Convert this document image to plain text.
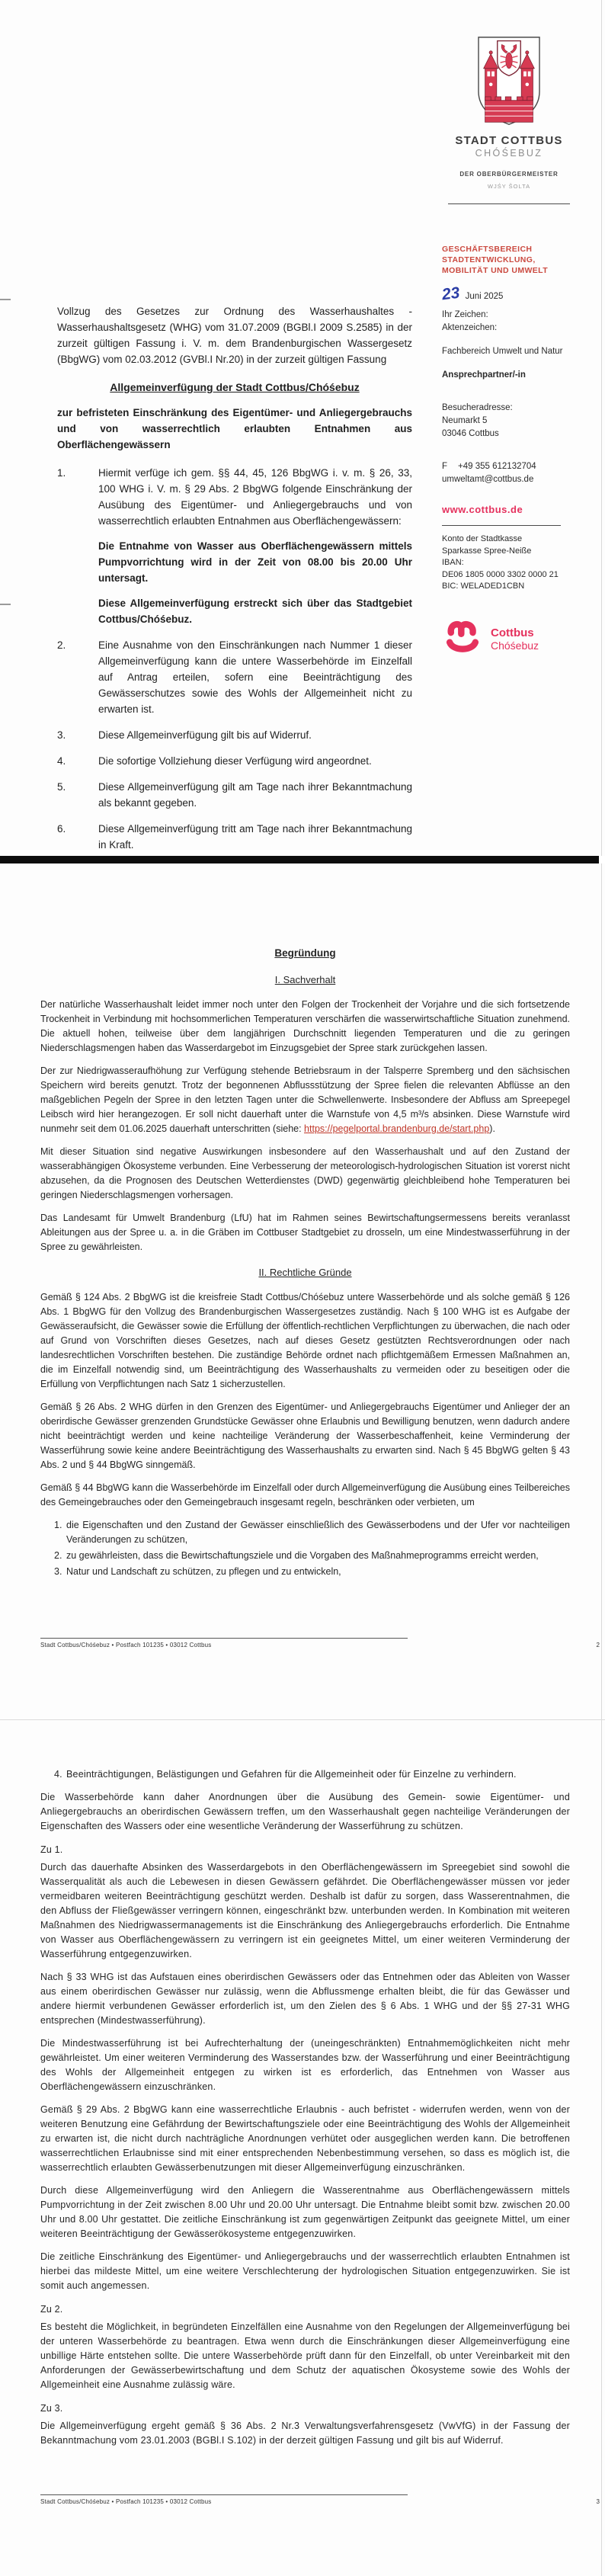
STADT COTTBUS
CHÓŚEBUZ
DER OBERBÜRGERMEISTER
WJŚY ŠOLTA
GESCHÄFTSBEREICH STADTENTWICKLUNG, MOBILITÄT UND UMWELT
23 Juni 2025
Ihr Zeichen:
Aktenzeichen:
Fachbereich Umwelt und Natur
Ansprechpartner/-in
Besucheradresse:
Neumarkt 5
03046 Cottbus
F +49 355 612132704
umweltamt@cottbus.de
www.cottbus.de
Konto der Stadtkasse
Sparkasse Spree-Neiße
IBAN:
DE06 1805 0000 3302 0000 21
BIC: WELADED1CBN
Cottbus
Chóśebuz

Vollzug des Gesetzes zur Ordnung des Wasserhaushaltes - Wasserhaushaltsgesetz (WHG) vom 31.07.2009 (BGBl.I 2009 S.2585) in der zurzeit gültigen Fassung i. V. m. dem Brandenburgischen Wassergesetz (BbgWG) vom 02.03.2012 (GVBl.I Nr.20) in der zurzeit gültigen Fassung

Allgemeinverfügung der Stadt Cottbus/Chóśebuz

zur befristeten Einschränkung des Eigentümer- und Anliegergebrauchs und von wasserrechtlich erlaubten Entnahmen aus Oberflächengewässern

1.	Hiermit verfüge ich gem. §§ 44, 45, 126 BbgWG i. v. m. § 26, 33, 100 WHG i. V. m. § 29 Abs. 2 BbgWG folgende Einschränkung der Ausübung des Eigentümer- und Anliegergebrauchs und von wasserrechtlich erlaubten Entnahmen aus Oberflächengewässern:

Die Entnahme von Wasser aus Oberflächengewässern mittels Pumpvorrichtung wird in der Zeit von 08.00 bis 20.00 Uhr untersagt.

Diese Allgemeinverfügung erstreckt sich über das Stadtgebiet Cottbus/Chóśebuz.

2.	Eine Ausnahme von den Einschränkungen nach Nummer 1 dieser Allgemeinverfügung kann die untere Wasserbehörde im Einzelfall auf Antrag erteilen, sofern eine Beeinträchtigung des Gewässerschutzes sowie des Wohls der Allgemeinheit nicht zu erwarten ist.

3.	Diese Allgemeinverfügung gilt bis auf Widerruf.

4.	Die sofortige Vollziehung dieser Verfügung wird angeordnet.

5.	Diese Allgemeinverfügung gilt am Tage nach ihrer Bekanntmachung als bekannt gegeben.

6.	Diese Allgemeinverfügung tritt am Tage nach ihrer Bekanntmachung in Kraft.

Begründung
I. Sachverhalt

Der natürliche Wasserhaushalt leidet immer noch unter den Folgen der Trockenheit der Vorjahre und die sich fortsetzende Trockenheit in Verbindung mit hochsommerlichen Temperaturen verschärfen die wasserwirtschaftliche Situation zunehmend. Die aktuell hohen, teilweise über dem langjährigen Durchschnitt liegenden Temperaturen und die zu geringen Niederschlagsmengen haben das Wasserdargebot im Einzugsgebiet der Spree stark zurückgehen lassen.

Der zur Niedrigwasseraufhöhung zur Verfügung stehende Betriebsraum in der Talsperre Spremberg und den sächsischen Speichern wird bereits genutzt. Trotz der begonnenen Abflussstützung der Spree fielen die relevanten Abflüsse an den maßgeblichen Pegeln der Spree in den letzten Tagen unter die Schwellenwerte. Insbesondere der Abfluss am Spreepegel Leibsch wird hier herangezogen. Er soll nicht dauerhaft unter die Warnstufe von 4,5 m³/s absinken. Diese Warnstufe wird nunmehr seit dem 01.06.2025 dauerhaft unterschritten (siehe: https://pegelportal.brandenburg.de/start.php).

Mit dieser Situation sind negative Auswirkungen insbesondere auf den Wasserhaushalt und auf den Zustand der wasserabhängigen Ökosysteme verbunden. Eine Verbesserung der meteorologisch-hydrologischen Situation ist vorerst nicht abzusehen, da die Prognosen des Deutschen Wetterdienstes (DWD) gegenwärtig gleichbleibend hohe Temperaturen bei geringen Niederschlagsmengen vorhersagen.

Das Landesamt für Umwelt Brandenburg (LfU) hat im Rahmen seines Bewirtschaftungsermessens bereits veranlasst Ableitungen aus der Spree u. a. in die Gräben im Cottbuser Stadtgebiet zu drosseln, um eine Mindestwasserführung in der Spree zu gewährleisten.

II. Rechtliche Gründe

Gemäß § 124 Abs. 2 BbgWG ist die kreisfreie Stadt Cottbus/Chóśebuz untere Wasserbehörde und als solche gemäß § 126 Abs. 1 BbgWG für den Vollzug des Brandenburgischen Wassergesetzes zuständig. Nach § 100 WHG ist es Aufgabe der Gewässeraufsicht, die Gewässer sowie die Erfüllung der öffentlich-rechtlichen Verpflichtungen zu überwachen, die nach oder auf Grund von Vorschriften dieses Gesetzes, nach auf dieses Gesetz gestützten Rechtsverordnungen oder nach landesrechtlichen Vorschriften bestehen. Die zuständige Behörde ordnet nach pflichtgemäßem Ermessen Maßnahmen an, die im Einzelfall notwendig sind, um Beeinträchtigung des Wasserhaushalts zu vermeiden oder zu beseitigen oder die Erfüllung von Verpflichtungen nach Satz 1 sicherzustellen.

Gemäß § 26 Abs. 2 WHG dürfen in den Grenzen des Eigentümer- und Anliegergebrauchs Eigentümer und Anlieger der an oberirdische Gewässer grenzenden Grundstücke Gewässer ohne Erlaubnis und Bewilligung benutzen, wenn dadurch andere nicht beeinträchtigt werden und keine nachteilige Veränderung der Wasserbeschaffenheit, keine Verminderung der Wasserführung sowie keine andere Beeinträchtigung des Wasserhaushalts zu erwarten sind. Nach § 45 BbgWG gelten § 43 Abs. 2 und § 44 BbgWG sinngemäß.

Gemäß § 44 BbgWG kann die Wasserbehörde im Einzelfall oder durch Allgemeinverfügung die Ausübung eines Teilbereiches des Gemeingebrauches oder den Gemeingebrauch insgesamt regeln, beschränken oder verbieten, um

1. die Eigenschaften und den Zustand der Gewässer einschließlich des Gewässerbodens und der Ufer vor nachteiligen Veränderungen zu schützen,
2. zu gewährleisten, dass die Bewirtschaftungsziele und die Vorgaben des Maßnahmeprogramms erreicht werden,
3. Natur und Landschaft zu schützen, zu pflegen und zu entwickeln,
Stadt Cottbus/Chóśebuz • Postfach 101235 • 03012 Cottbus	2
4. Beeinträchtigungen, Belästigungen und Gefahren für die Allgemeinheit oder für Einzelne zu verhindern.

Die Wasserbehörde kann daher Anordnungen über die Ausübung des Gemein- sowie Eigentümer- und Anliegergebrauchs an oberirdischen Gewässern treffen, um den Wasserhaushalt gegen nachteilige Veränderungen der Eigenschaften des Wassers oder eine wesentliche Veränderung der Wasserführung zu schützen.

Zu 1.

Durch das dauerhafte Absinken des Wasserdargebots in den Oberflächengewässern im Spreegebiet sind sowohl die Wasserqualität als auch die Lebewesen in diesen Gewässern gefährdet. Die Oberflächengewässer müssen vor jeder vermeidbaren weiteren Beeinträchtigung geschützt werden. Deshalb ist dafür zu sorgen, dass Wasserentnahmen, die den Abfluss der Fließgewässer verringern können, eingeschränkt bzw. unterbunden werden. In Kombination mit weiteren Maßnahmen des Niedrigwassermanagements ist die Einschränkung des Anliegergebrauchs erforderlich. Die Entnahme von Wasser aus Oberflächengewässern zu verringern ist ein geeignetes Mittel, um einer weiteren Verminderung der Wasserführung entgegenzuwirken.

Nach § 33 WHG ist das Aufstauen eines oberirdischen Gewässers oder das Entnehmen oder das Ableiten von Wasser aus einem oberirdischen Gewässer nur zulässig, wenn die Abflussmenge erhalten bleibt, die für das Gewässer und andere hiermit verbundenen Gewässer erforderlich ist, um den Zielen des § 6 Abs. 1 WHG und der §§ 27-31 WHG entsprechen (Mindestwasserführung).

Die Mindestwasserführung ist bei Aufrechterhaltung der (uneingeschränkten) Entnahmemöglichkeiten nicht mehr gewährleistet. Um einer weiteren Verminderung des Wasserstandes bzw. der Wasserführung und einer Beeinträchtigung des Wohls der Allgemeinheit entgegen zu wirken ist es erforderlich, das Entnehmen von Wasser aus Oberflächengewässern einzuschränken.

Gemäß § 29 Abs. 2 BbgWG kann eine wasserrechtliche Erlaubnis - auch befristet - widerrufen werden, wenn von der weiteren Benutzung eine Gefährdung der Bewirtschaftungsziele oder eine Beeinträchtigung des Wohls der Allgemeinheit zu erwarten ist, die nicht durch nachträgliche Anordnungen verhütet oder ausgeglichen werden kann. Die betroffenen wasserrechtlichen Erlaubnisse sind mit einer entsprechenden Nebenbestimmung versehen, so dass es möglich ist, die wasserrechtlich erlaubten Gewässerbenutzungen mit dieser Allgemeinverfügung einzuschränken.

Durch diese Allgemeinverfügung wird den Anliegern die Wasserentnahme aus Oberflächengewässern mittels Pumpvorrichtung in der Zeit zwischen 8.00 Uhr und 20.00 Uhr untersagt. Die Entnahme bleibt somit bzw. zwischen 20.00 Uhr und 8.00 Uhr gestattet. Die zeitliche Einschränkung ist zum gegenwärtigen Zeitpunkt das geeignete Mittel, um einer weiteren Beeinträchtigung der Gewässerökosysteme entgegenzuwirken.

Die zeitliche Einschränkung des Eigentümer- und Anliegergebrauchs und der wasserrechtlich erlaubten Entnahmen ist hierbei das mildeste Mittel, um eine weitere Verschlechterung der hydrologischen Situation entgegenzuwirken. Sie ist somit auch angemessen.

Zu 2.

Es besteht die Möglichkeit, in begründeten Einzelfällen eine Ausnahme von den Regelungen der Allgemeinverfügung bei der unteren Wasserbehörde zu beantragen. Etwa wenn durch die Einschränkungen dieser Allgemeinverfügung eine unbillige Härte entstehen sollte. Die untere Wasserbehörde prüft dann für den Einzelfall, ob unter Vereinbarkeit mit den Anforderungen der Gewässerbewirtschaftung und dem Schutz der aquatischen Ökosysteme sowie des Wohls der Allgemeinheit eine Ausnahme zulässig wäre.

Zu 3.

Die Allgemeinverfügung ergeht gemäß § 36 Abs. 2 Nr.3 Verwaltungsverfahrensgesetz (VwVfG) in der Fassung der Bekanntmachung vom 23.01.2003 (BGBl.I S.102) in der derzeit gültigen Fassung und gilt bis auf Widerruf.

Stadt Cottbus/Chóśebuz • Postfach 101235 • 03012 Cottbus	3
